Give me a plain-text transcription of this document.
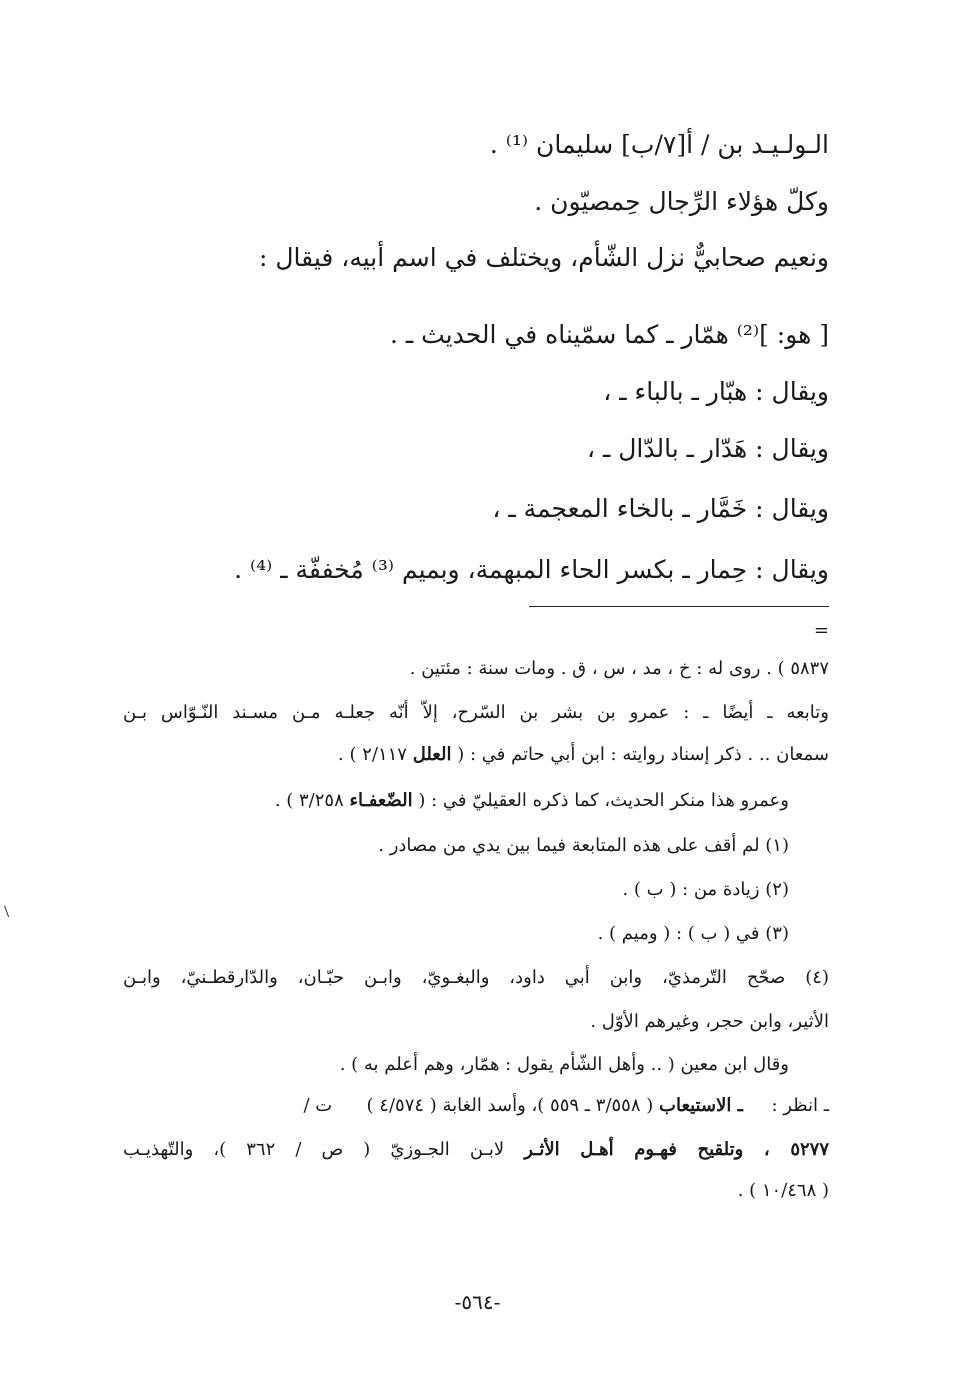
الـولـيـد بن / أ[٧/ب] سليمان ⁽¹⁾ .
وكلّ هؤلاء الرِّجال حِمصيّون .
ونعيم صحابيٌّ نزل الشّأم، ويختلف في اسم أبيه، فيقال :
[ هو: ]⁽²⁾ همّار ـ كما سمّيناه في الحديث ـ .
ويقال : هبّار ـ بالباء ـ ،
ويقال : هَدّار ـ بالدّال ـ ،
ويقال : خَمَّار ـ بالخاء المعجمة ـ ،
ويقال : حِمار ـ بكسر الحاء المبهمة، وبميم ⁽³⁾ مُخففّة ـ ⁽⁴⁾ .
=
٥٨٣٧ ) . روى له : خ ، مد ، س ، ق . ومات سنة : مئتين .
وتابعه ـ أيضًا ـ : عمرو بن بشر بن السّرح، إلاّ أنّه جعلـه مـن مسـند النّـوّاس بـن
سمعان .. . ذكر إسناد روايته : ابن أبي حاتم في : ( العلل ٢/١١٧ ) .
وعمرو هذا منكر الحديث، كما ذكره العقيليّ في : ( الضّعفـاء ٣/٢٥٨ ) .
(١) لم أقف على هذه المتابعة فيما بين يدي من مصادر .
(٢) زيادة من : ( ب ) .
(٣) في ( ب ) : ( وميم ) .
(٤) صحّح التّرمذيّ، وابن أبي داود، والبغـويّ، وابـن حبّـان، والدّارقطـنيّ، وابـن
الأثير، وابن حجر، وغيرهم الأوّل .
وقال ابن معين ( .. وأهل الشّأم يقول : همّار، وهم أعلم به ) .
ـ انظر :     ـ الاستيعاب ( ٣/٥٥٨ ـ ٥٥٩ )، وأسد الغابة ( ٤/٥٧٤ )      ت /
٥٢٧٧ ، وتلقيح فهـوم أهـل الأثـر لابـن الجـوزيّ ( ص / ٣٦٢ )، والتّهذيـب
( ١٠/٤٦٨ ) .
-٥٦٤-
